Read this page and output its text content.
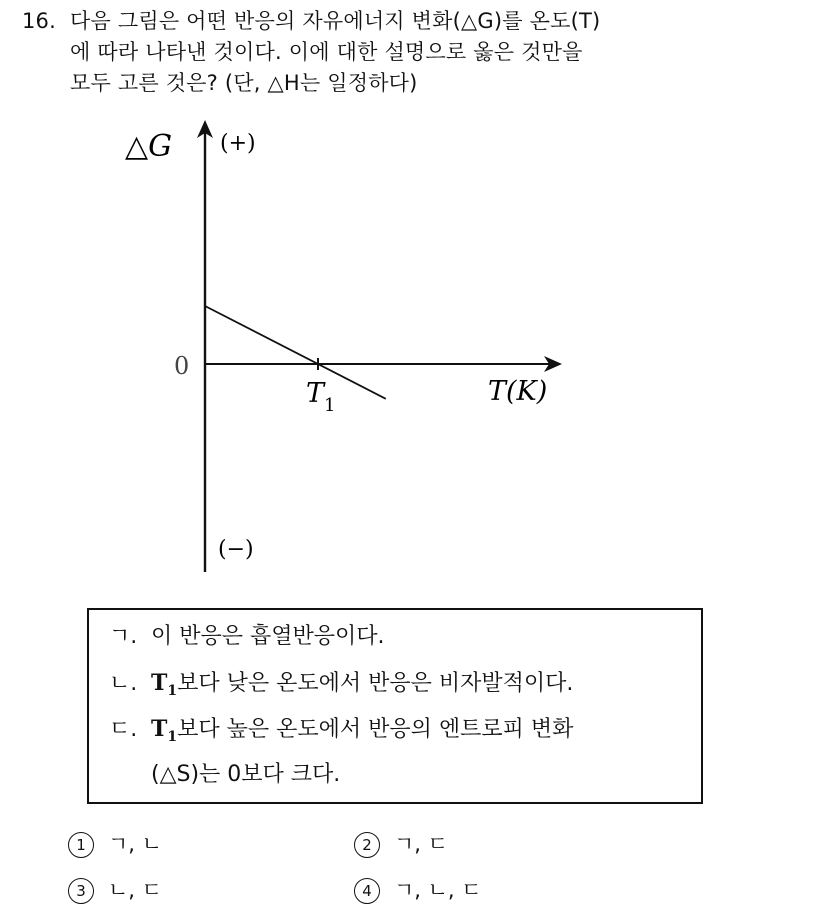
16. 다음 그림은 어떤 반응의 자유에너지 변화(△G)를 온도(T)
에 따라 나타낸 것이다. 이에 대한 설명으로 옳은 것만을
모두 고른 것은? (단, △H는 일정하다)
△G (+)
0
T(K)
$T_1$
(−)
ㄱ. 이 반응은 흡열반응이다.
ㄴ. $T_1$보다 낮은 온도에서 반응은 비자발적이다.
ㄷ. $T_1$보다 높은 온도에서 반응의 엔트로피 변화
(△S)는 0보다 크다.
1 ㄱ, ㄴ	2 ㄱ, ㄷ
3 ㄴ, ㄷ	4 ㄱ, ㄴ, ㄷ
